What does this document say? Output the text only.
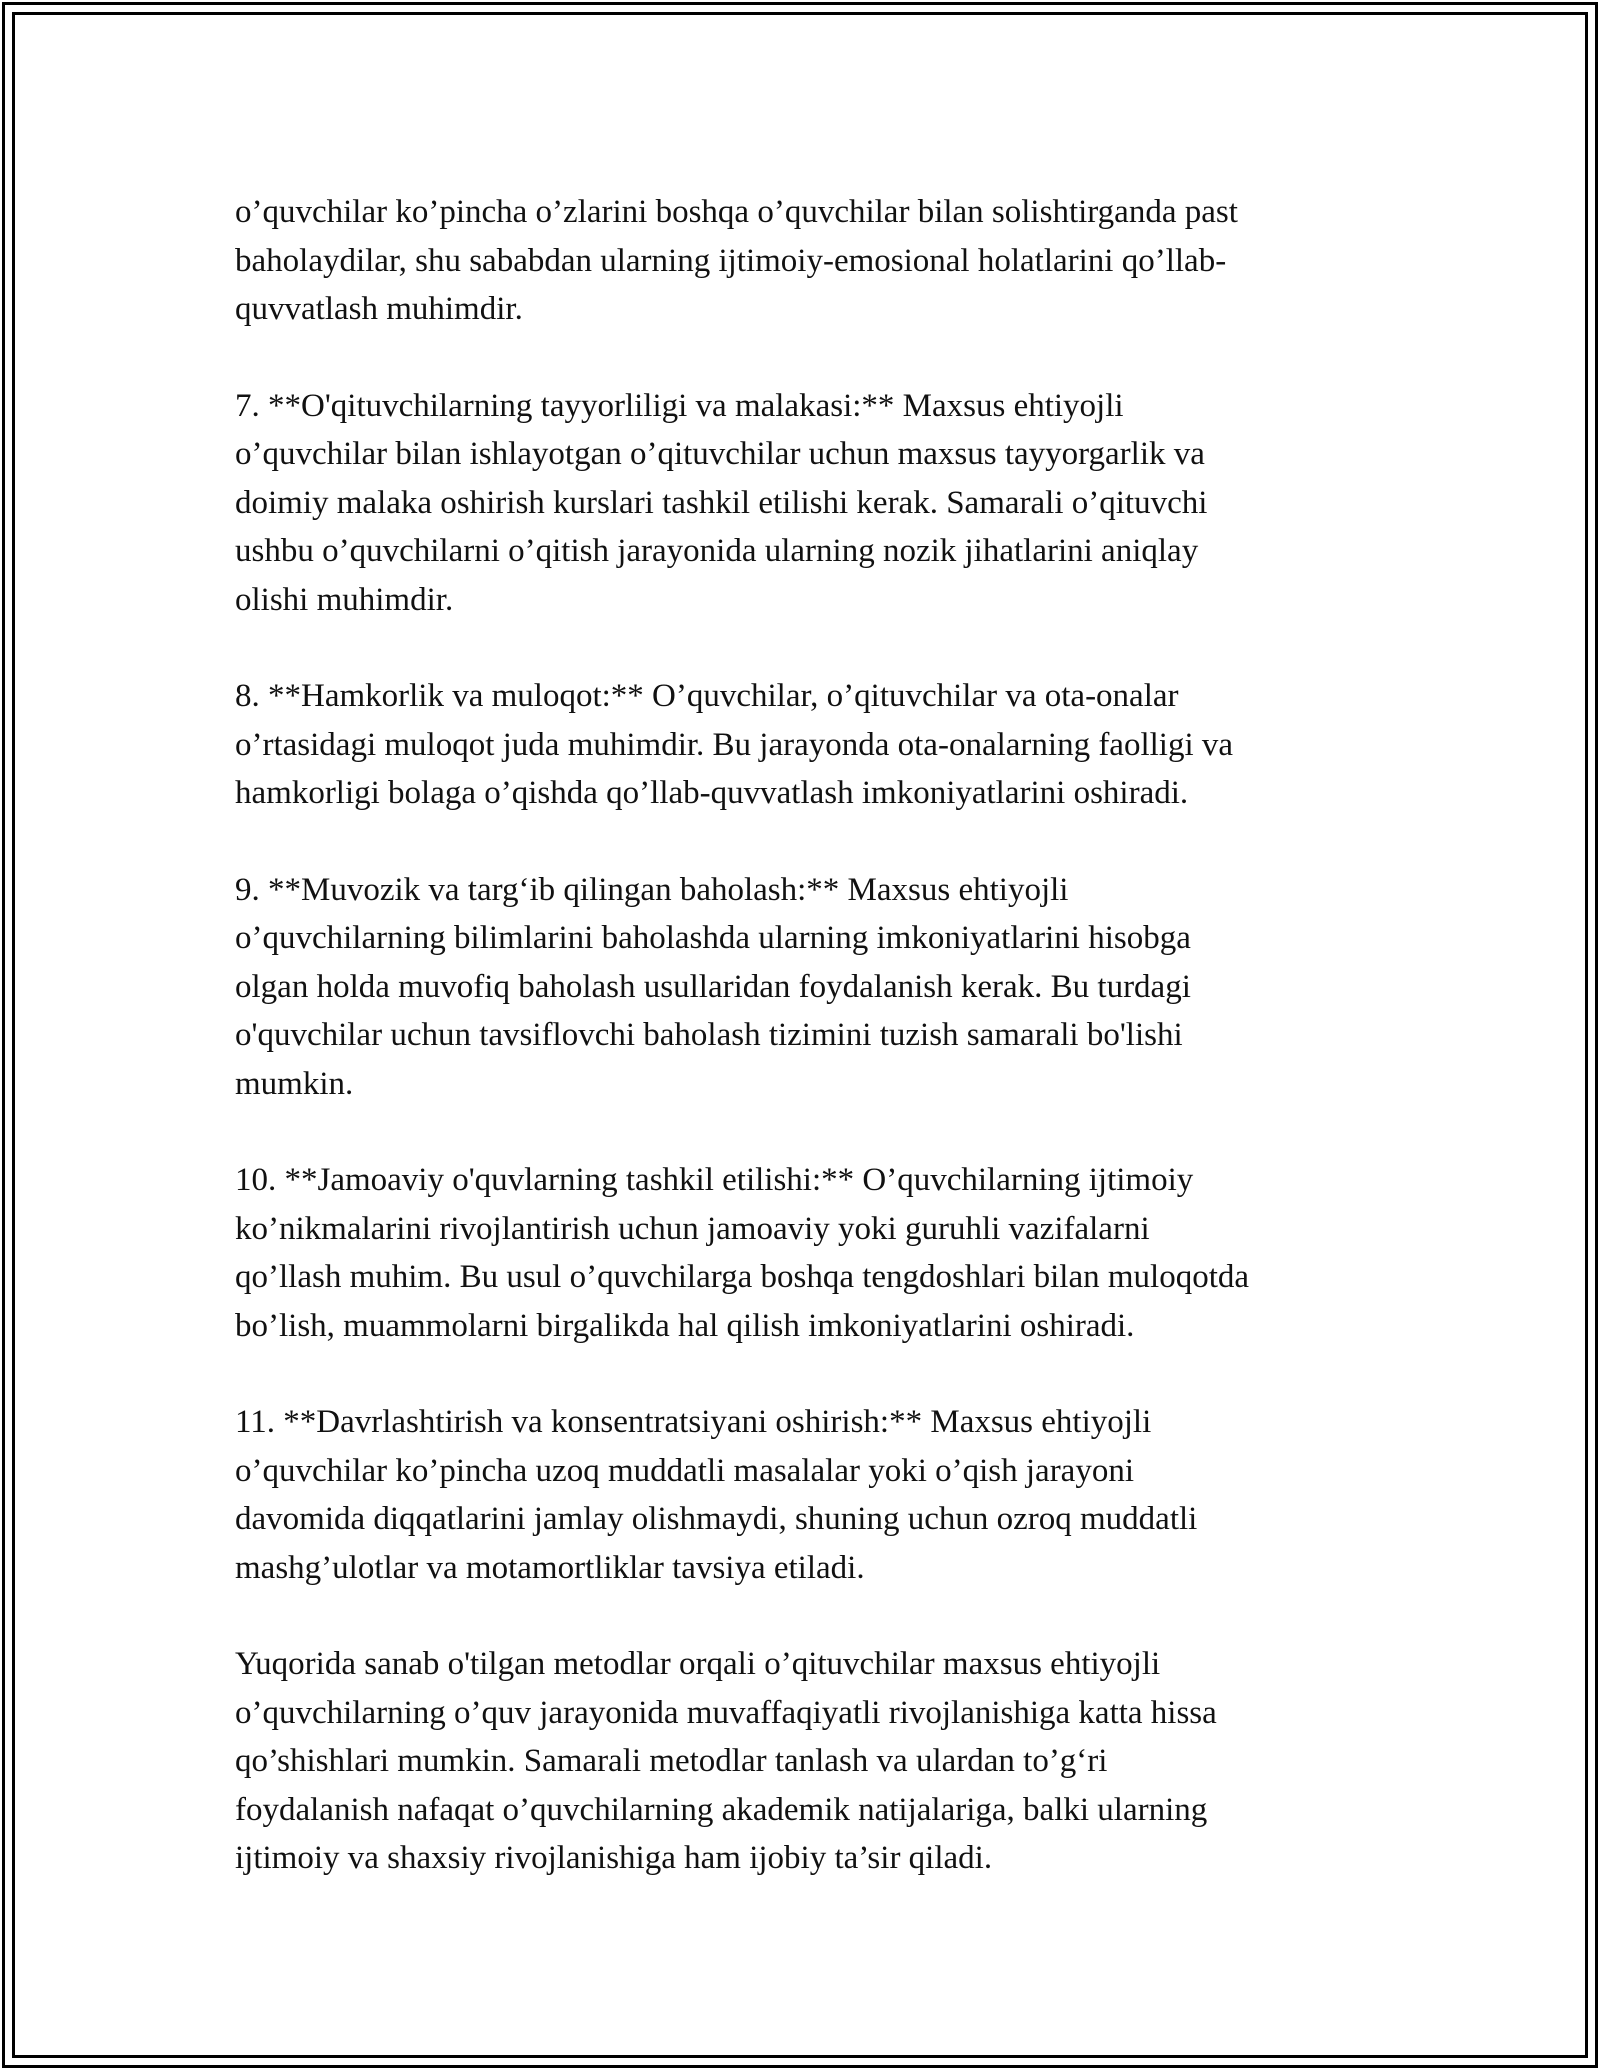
o’quvchilar ko’pincha o’zlarini boshqa o’quvchilar bilan solishtirganda past
baholaydilar, shu sababdan ularning ijtimoiy-emosional holatlarini qo’llab-
quvvatlash muhimdir.

7. **O'qituvchilarning tayyorliligi va malakasi:** Maxsus ehtiyojli
o’quvchilar bilan ishlayotgan o’qituvchilar uchun maxsus tayyorgarlik va
doimiy malaka oshirish kurslari tashkil etilishi kerak. Samarali o’qituvchi
ushbu o’quvchilarni o’qitish jarayonida ularning nozik jihatlarini aniqlay
olishi muhimdir.

8. **Hamkorlik va muloqot:** O’quvchilar, o’qituvchilar va ota-onalar
o’rtasidagi muloqot juda muhimdir. Bu jarayonda ota-onalarning faolligi va
hamkorligi bolaga o’qishda qo’llab-quvvatlash imkoniyatlarini oshiradi.

9. **Muvozik va targ‘ib qilingan baholash:** Maxsus ehtiyojli
o’quvchilarning bilimlarini baholashda ularning imkoniyatlarini hisobga
olgan holda muvofiq baholash usullaridan foydalanish kerak. Bu turdagi
o'quvchilar uchun tavsiflovchi baholash tizimini tuzish samarali bo'lishi
mumkin.

10. **Jamoaviy o'quvlarning tashkil etilishi:** O’quvchilarning ijtimoiy
ko’nikmalarini rivojlantirish uchun jamoaviy yoki guruhli vazifalarni
qo’llash muhim. Bu usul o’quvchilarga boshqa tengdoshlari bilan muloqotda
bo’lish, muammolarni birgalikda hal qilish imkoniyatlarini oshiradi.

11. **Davrlashtirish va konsentratsiyani oshirish:** Maxsus ehtiyojli
o’quvchilar ko’pincha uzoq muddatli masalalar yoki o’qish jarayoni
davomida diqqatlarini jamlay olishmaydi, shuning uchun ozroq muddatli
mashg’ulotlar va motamortliklar tavsiya etiladi.

Yuqorida sanab o'tilgan metodlar orqali o’qituvchilar maxsus ehtiyojli
o’quvchilarning o’quv jarayonida muvaffaqiyatli rivojlanishiga katta hissa
qo’shishlari mumkin. Samarali metodlar tanlash va ulardan to’g‘ri
foydalanish nafaqat o’quvchilarning akademik natijalariga, balki ularning
ijtimoiy va shaxsiy rivojlanishiga ham ijobiy ta’sir qiladi.
